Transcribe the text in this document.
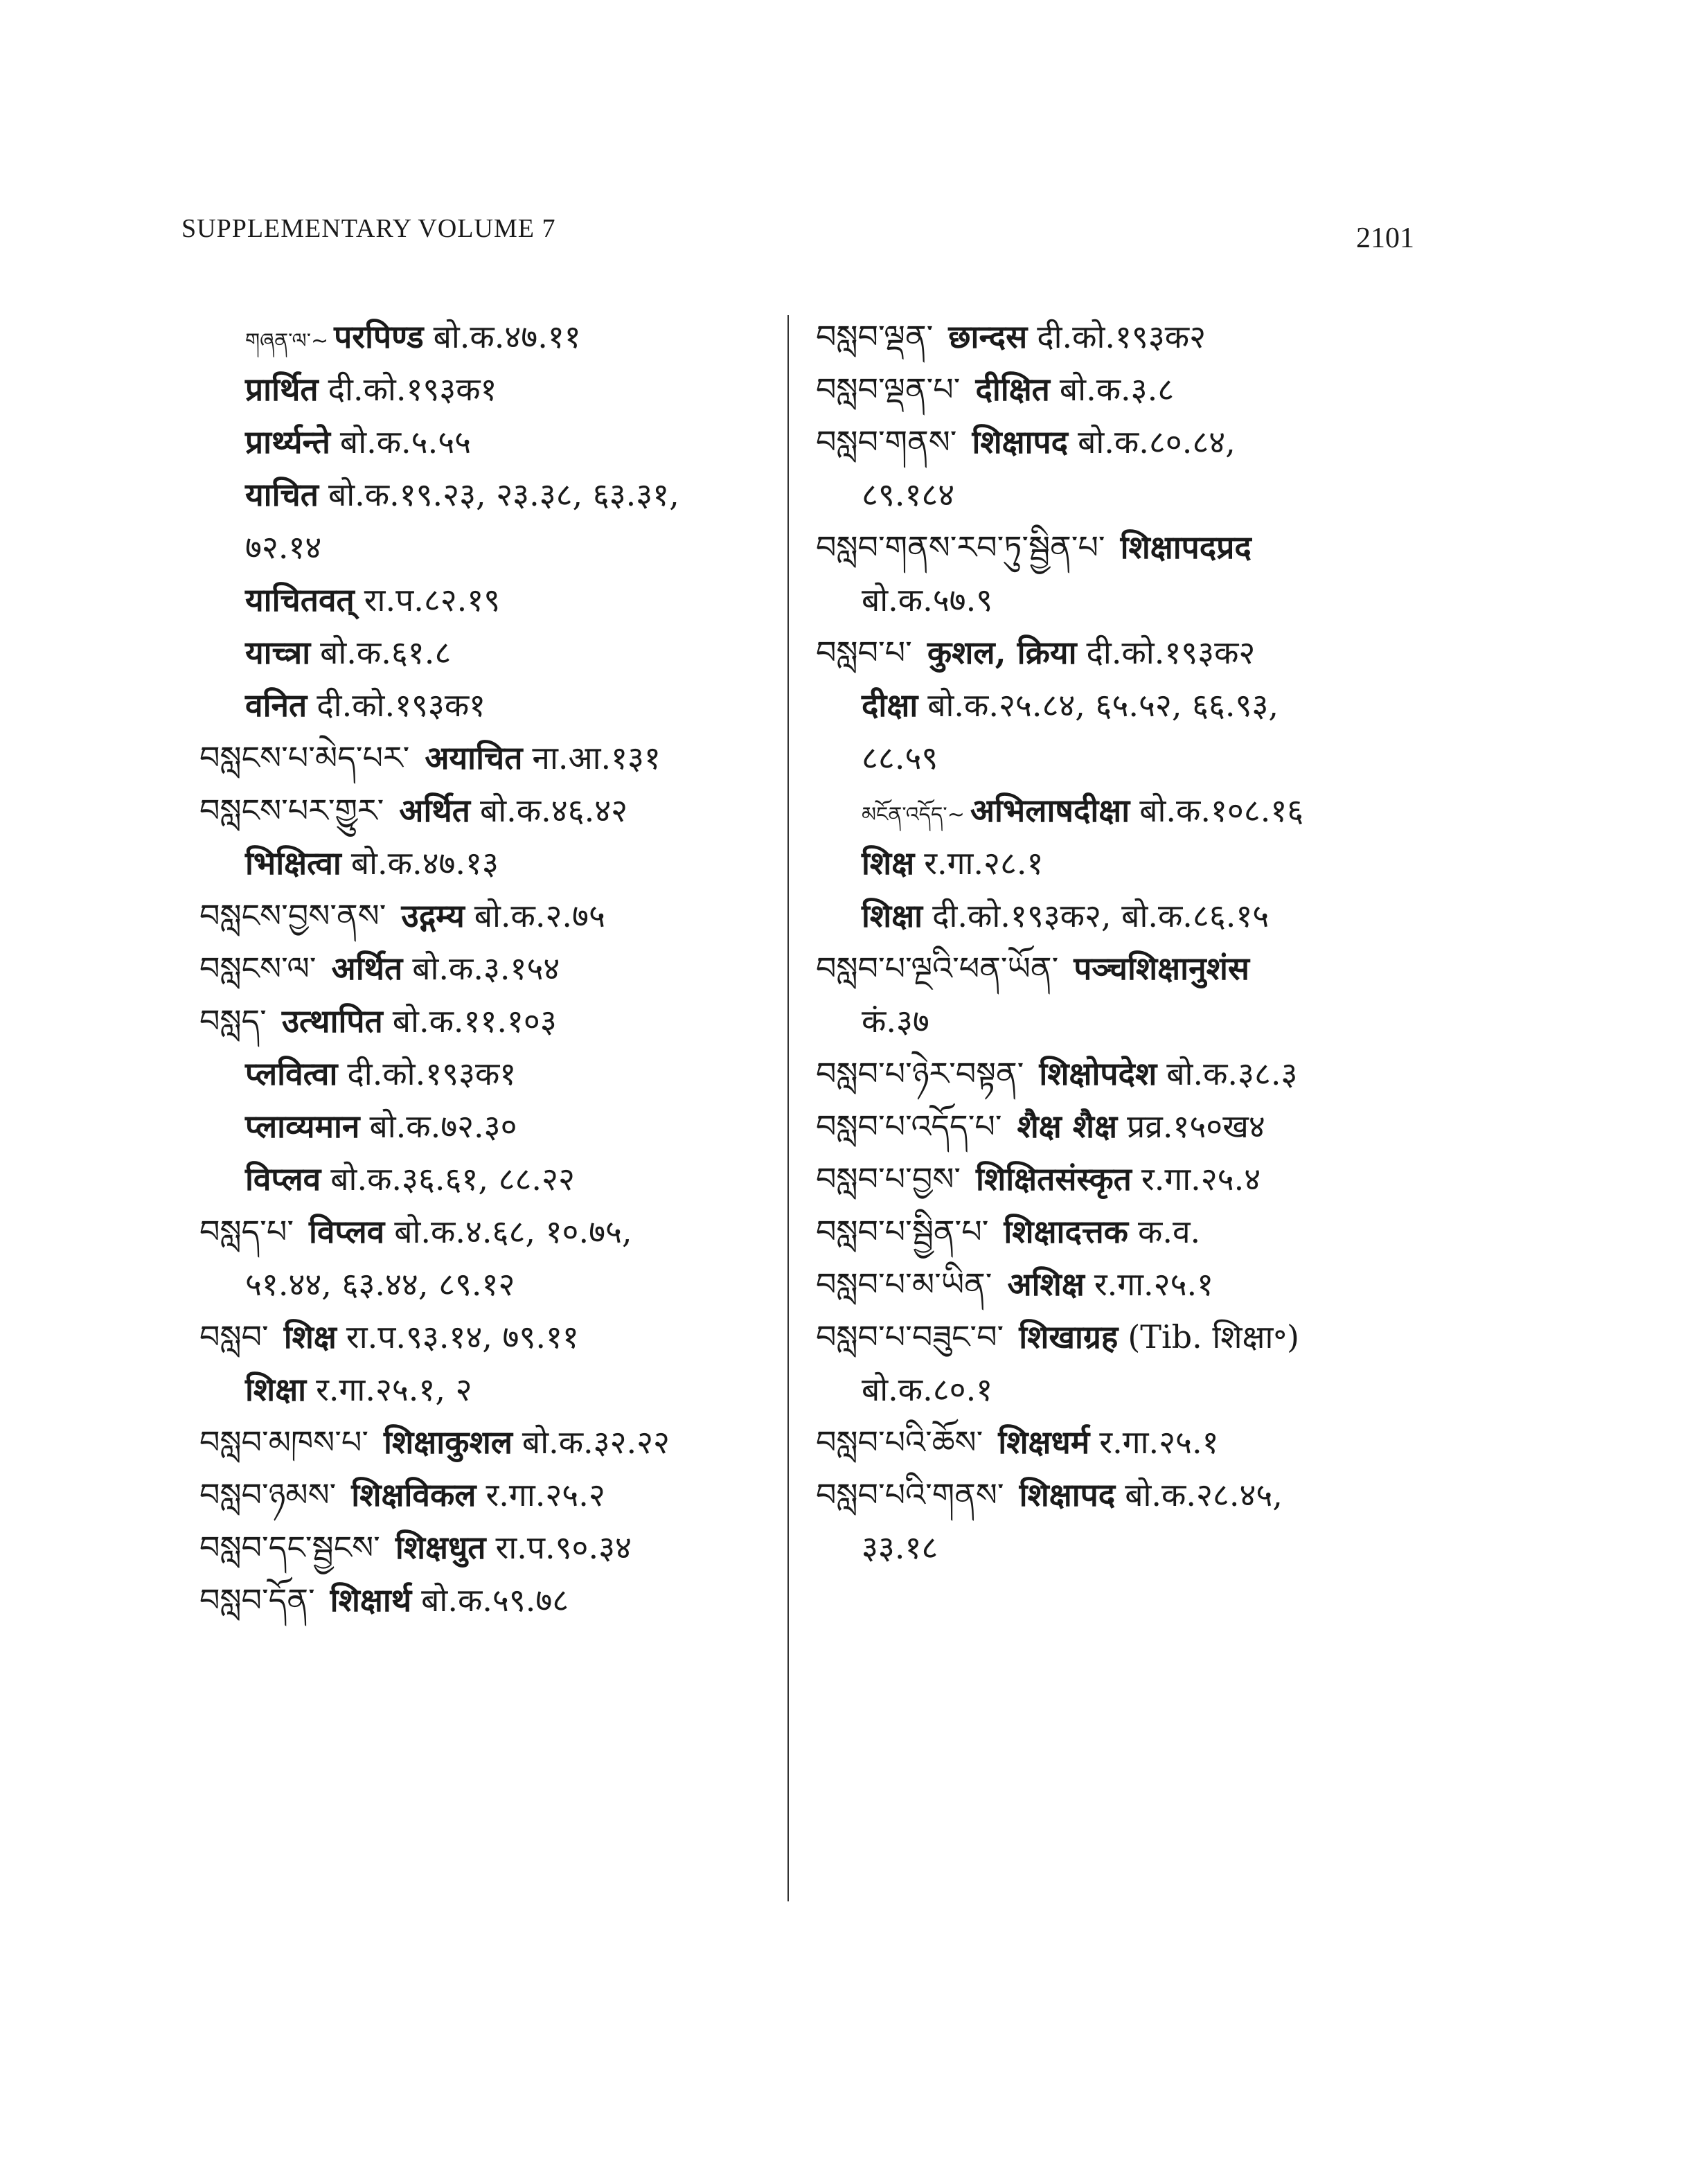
SUPPLEMENTARY VOLUME 7	2101
གཞན་ལ་~ परपिण्ड बो.क.४७.११
प्रार्थित दी.को.१९३क१
प्रार्थ्यन्ते बो.क.५.५५
याचित बो.क.१९.२३, २३.३८, ६३.३१,
७२.१४
याचितवत् रा.प.८२.१९
याच्त्रा बो.क.६१.८
वनित दी.को.१९३क१
བསླངས་པ་མེད་པར་ अयाचित ना.आ.१३१
བསླངས་པར་གྱུར་ अर्थित बो.क.४६.४२
भिक्षित्वा बो.क.४७.१३
བསླངས་བྱས་ནས་ उद्गम्य बो.क.२.७५
བསླངས་ལ་ अर्थित बो.क.३.१५४
བསླད་ उत्थापित बो.क.११.१०३
प्लवित्वा दी.को.१९३क१
प्लाव्यमान बो.क.७२.३०
विप्लव बो.क.३६.६१, ८८.२२
བསླད་པ་ विप्लव बो.क.४.६८, १०.७५,
५१.४४, ६३.४४, ८९.१२
བསླབ་ शिक्ष रा.प.९३.१४, ७९.११
शिक्षा र.गा.२५.१, २
བསླབ་མཁས་པ་ शिक्षाकुशल बो.क.३२.२२
བསླབ་ཉམས་ शिक्षविकल र.गा.२५.२
བསླབ་དང་སྦྱངས་ शिक्षधुत रा.प.९०.३४
བསླབ་དོན་ शिक्षार्थ बो.क.५९.७८
བསླབ་ལྡན་ छान्दस दी.को.१९३क२
བསླབ་ལྡན་པ་ दीक्षित बो.क.३.८
བསླབ་གནས་ शिक्षापद बो.क.८०.८४,
८९.१८४
བསླབ་གནས་རབ་ཏུ་སྦྱིན་པ་ शिक्षापदप्रद
बो.क.५७.९
བསླབ་པ་ कुशल, क्रिया दी.को.१९३क२
दीक्षा बो.क.२५.८४, ६५.५२, ६६.९३,
८८.५९
མངོན་འདོད་~ अभिलाषदीक्षा बो.क.१०८.१६
शिक्ष र.गा.२८.१
शिक्षा दी.को.१९३क२, बो.क.८६.१५
བསླབ་པ་ལྔའི་ཕན་ཡོན་ पञ्चशिक्षानुशंस
कं.३७
བསླབ་པ་ཉེར་བསྟན་ शिक्षोपदेश बो.क.३८.३
བསླབ་པ་འདོད་པ་ शैक्ष शैक्ष प्रव्र.१५०ख४
བསླབ་པ་བྱས་ शिक्षितसंस्कृत र.गा.२५.४
བསླབ་པ་སྦྱིན་པ་ शिक्षादत्तक क.व.
བསླབ་པ་མ་ཡིན་ अशिक्ष र.गा.२५.१
བསླབ་པ་བཟུང་བ་ शिखाग्रह (Tib. शिक्षा॰)
बो.क.८०.१
བསླབ་པའི་ཆོས་ शिक्षधर्म र.गा.२५.१
བསླབ་པའི་གནས་ शिक्षापद बो.क.२८.४५,
३३.१८
